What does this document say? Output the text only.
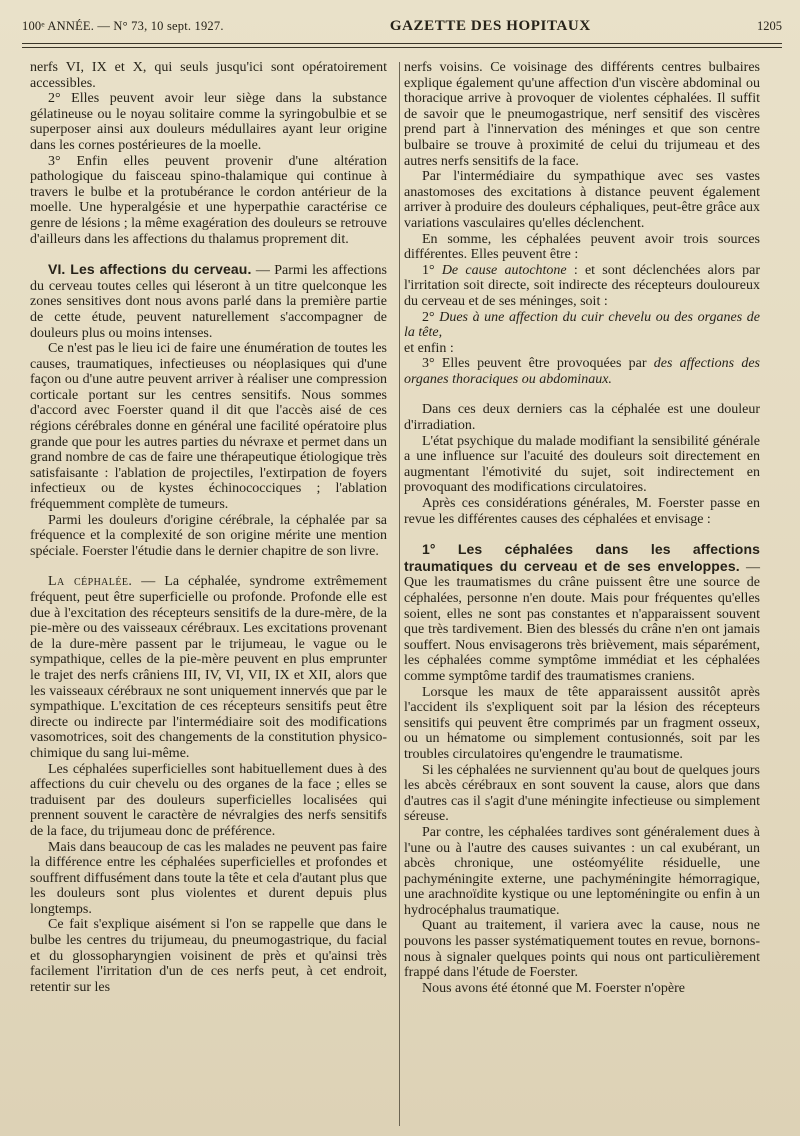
100ᵉ ANNÉE. — N° 73, 10 sept. 1927.	GAZETTE DES HOPITAUX	1205

nerfs VI, IX et X, qui seuls jusqu'ici sont opératoirement accessibles.

2° Elles peuvent avoir leur siège dans la substance gélatineuse ou le noyau solitaire comme la syringobulbie et se superposer ainsi aux douleurs médullaires ayant leur origine dans les cornes postérieures de la moelle.

3° Enfin elles peuvent provenir d'une altération pathologique du faisceau spino-thalamique qui continue à travers le bulbe et la protubérance le cordon antérieur de la moelle. Une hyperalgésie et une hyperpathie caractérise ce genre de lésions ; la même exagération des douleurs se retrouve d'ailleurs dans les affections du thalamus proprement dit.

VI. Les affections du cerveau. — Parmi les affections du cerveau toutes celles qui léseront à un titre quelconque les zones sensitives dont nous avons parlé dans la première partie de cette étude, peuvent naturellement s'accompagner de douleurs plus ou moins intenses.

Ce n'est pas le lieu ici de faire une énumération de toutes les causes, traumatiques, infectieuses ou néoplasiques qui d'une façon ou d'une autre peuvent arriver à réaliser une compression corticale portant sur les centres sensitifs. Nous sommes d'accord avec Foerster quand il dit que l'accès aisé de ces régions cérébrales donne en général une facilité opératoire plus grande que pour les autres parties du névraxe et permet dans un grand nombre de cas de faire une thérapeutique étiologique très satisfaisante : l'ablation de projectiles, l'extirpation de foyers infectieux ou de kystes échinococciques ; l'ablation fréquemment complète de tumeurs.

Parmi les douleurs d'origine cérébrale, la céphalée par sa fréquence et la complexité de son origine mérite une mention spéciale. Foerster l'étudie dans le dernier chapitre de son livre.

La céphalée. — La céphalée, syndrome extrêmement fréquent, peut être superficielle ou profonde. Profonde elle est due à l'excitation des récepteurs sensitifs de la dure-mère, de la pie-mère ou des vaisseaux cérébraux. Les excitations provenant de la dure-mère passent par le trijumeau, le vague ou le sympathique, celles de la pie-mère peuvent en plus emprunter le trajet des nerfs crâniens III, IV, VI, VII, IX et XII, alors que les vaisseaux cérébraux ne sont uniquement innervés que par le sympathique. L'excitation de ces récepteurs sensitifs peut être directe ou indirecte par l'intermédiaire soit des modifications vasomotrices, soit des changements de la constitution physico-chimique du sang lui-même.

Les céphalées superficielles sont habituellement dues à des affections du cuir chevelu ou des organes de la face ; elles se traduisent par des douleurs superficielles localisées qui prennent souvent le caractère de névralgies des nerfs sensitifs de la face, du trijumeau donc de préférence.

Mais dans beaucoup de cas les malades ne peuvent pas faire la différence entre les céphalées superficielles et profondes et souffrent diffusément dans toute la tête et cela d'autant plus que les douleurs sont plus violentes et durent depuis plus longtemps.

Ce fait s'explique aisément si l'on se rappelle que dans le bulbe les centres du trijumeau, du pneumogastrique, du facial et du glossopharyngien voisinent de près et qu'ainsi très facilement l'irritation d'un de ces nerfs peut, à cet endroit, retentir sur les

nerfs voisins. Ce voisinage des différents centres bulbaires explique également qu'une affection d'un viscère abdominal ou thoracique arrive à provoquer de violentes céphalées. Il suffit de savoir que le pneumogastrique, nerf sensitif des viscères prend part à l'innervation des méninges et que son centre bulbaire se trouve à proximité de celui du trijumeau et des autres nerfs sensitifs de la face.

Par l'intermédiaire du sympathique avec ses vastes anastomoses des excitations à distance peuvent également arriver à produire des douleurs céphaliques, peut-être grâce aux variations vasculaires qu'elles déclenchent.

En somme, les céphalées peuvent avoir trois sources différentes. Elles peuvent être :

1° De cause autochtone : et sont déclenchées alors par l'irritation soit directe, soit indirecte des récepteurs douloureux du cerveau et de ses méninges, soit :

2° Dues à une affection du cuir chevelu ou des organes de la tête,

et enfin :

3° Elles peuvent être provoquées par des affections des organes thoraciques ou abdominaux.

Dans ces deux derniers cas la céphalée est une douleur d'irradiation.

L'état psychique du malade modifiant la sensibilité générale a une influence sur l'acuité des douleurs soit directement en augmentant l'émotivité du sujet, soit indirectement en provoquant des modifications circulatoires.

Après ces considérations générales, M. Foerster passe en revue les différentes causes des céphalées et envisage :

1° Les céphalées dans les affections traumatiques du cerveau et de ses enveloppes. — Que les traumatismes du crâne puissent être une source de céphalées, personne n'en doute. Mais pour fréquentes qu'elles soient, elles ne sont pas constantes et n'apparaissent souvent que très tardivement. Bien des blessés du crâne n'en ont jamais souffert. Nous envisagerons très brièvement, mais séparément, les céphalées comme symptôme immédiat et les céphalées comme symptôme tardif des traumatismes craniens.

Lorsque les maux de tête apparaissent aussitôt après l'accident ils s'expliquent soit par la lésion des récepteurs sensitifs qui peuvent être comprimés par un fragment osseux, ou un hématome ou simplement contusionnés, soit par les troubles circulatoires qu'engendre le traumatisme.

Si les céphalées ne surviennent qu'au bout de quelques jours les abcès cérébraux en sont souvent la cause, alors que dans d'autres cas il s'agit d'une méningite infectieuse ou simplement séreuse.

Par contre, les céphalées tardives sont généralement dues à l'une ou à l'autre des causes suivantes : un cal exubérant, un abcès chronique, une ostéomyélite résiduelle, une pachyméningite externe, une pachyméningite hémorragique, une arachnoïdite kystique ou une leptoméningite ou enfin à un hydrocéphalus traumatique.

Quant au traitement, il variera avec la cause, nous ne pouvons les passer systématiquement toutes en revue, bornons-nous à signaler quelques points qui nous ont particulièrement frappé dans l'étude de Foerster.

Nous avons été étonné que M. Foerster n'opère
